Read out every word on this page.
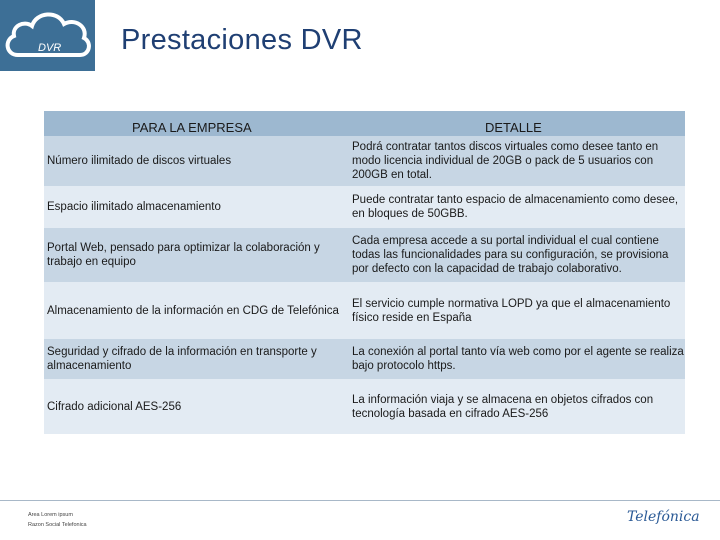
DVR Prestaciones DVR
PARA LA EMPRESA	DETALLE
Número ilimitado de discos virtuales
Podrá contratar tantos discos virtuales como desee tanto en modo licencia individual de 20GB o pack de 5 usuarios con 200GB en total.
Espacio ilimitado almacenamiento
Puede contratar tanto espacio de almacenamiento como desee, en bloques de 50GBB.
Portal Web, pensado para optimizar la colaboración y trabajo en equipo
Cada empresa accede a su portal individual el cual contiene todas las funcionalidades para su configuración, se provisiona por defecto con la capacidad de trabajo colaborativo.
Almacenamiento de la información en CDG de Telefónica
El servicio cumple normativa LOPD ya que el almacenamiento físico reside en España
Seguridad y cifrado de la información en transporte y almacenamiento
La conexión al portal tanto vía web como por el agente se realiza bajo protocolo https.
Cifrado adicional AES-256
La información viaja y se almacena en objetos cifrados con tecnología basada en cifrado AES-256
Area Lorem ipsum
Razon Social Telefonica	Telefónica
